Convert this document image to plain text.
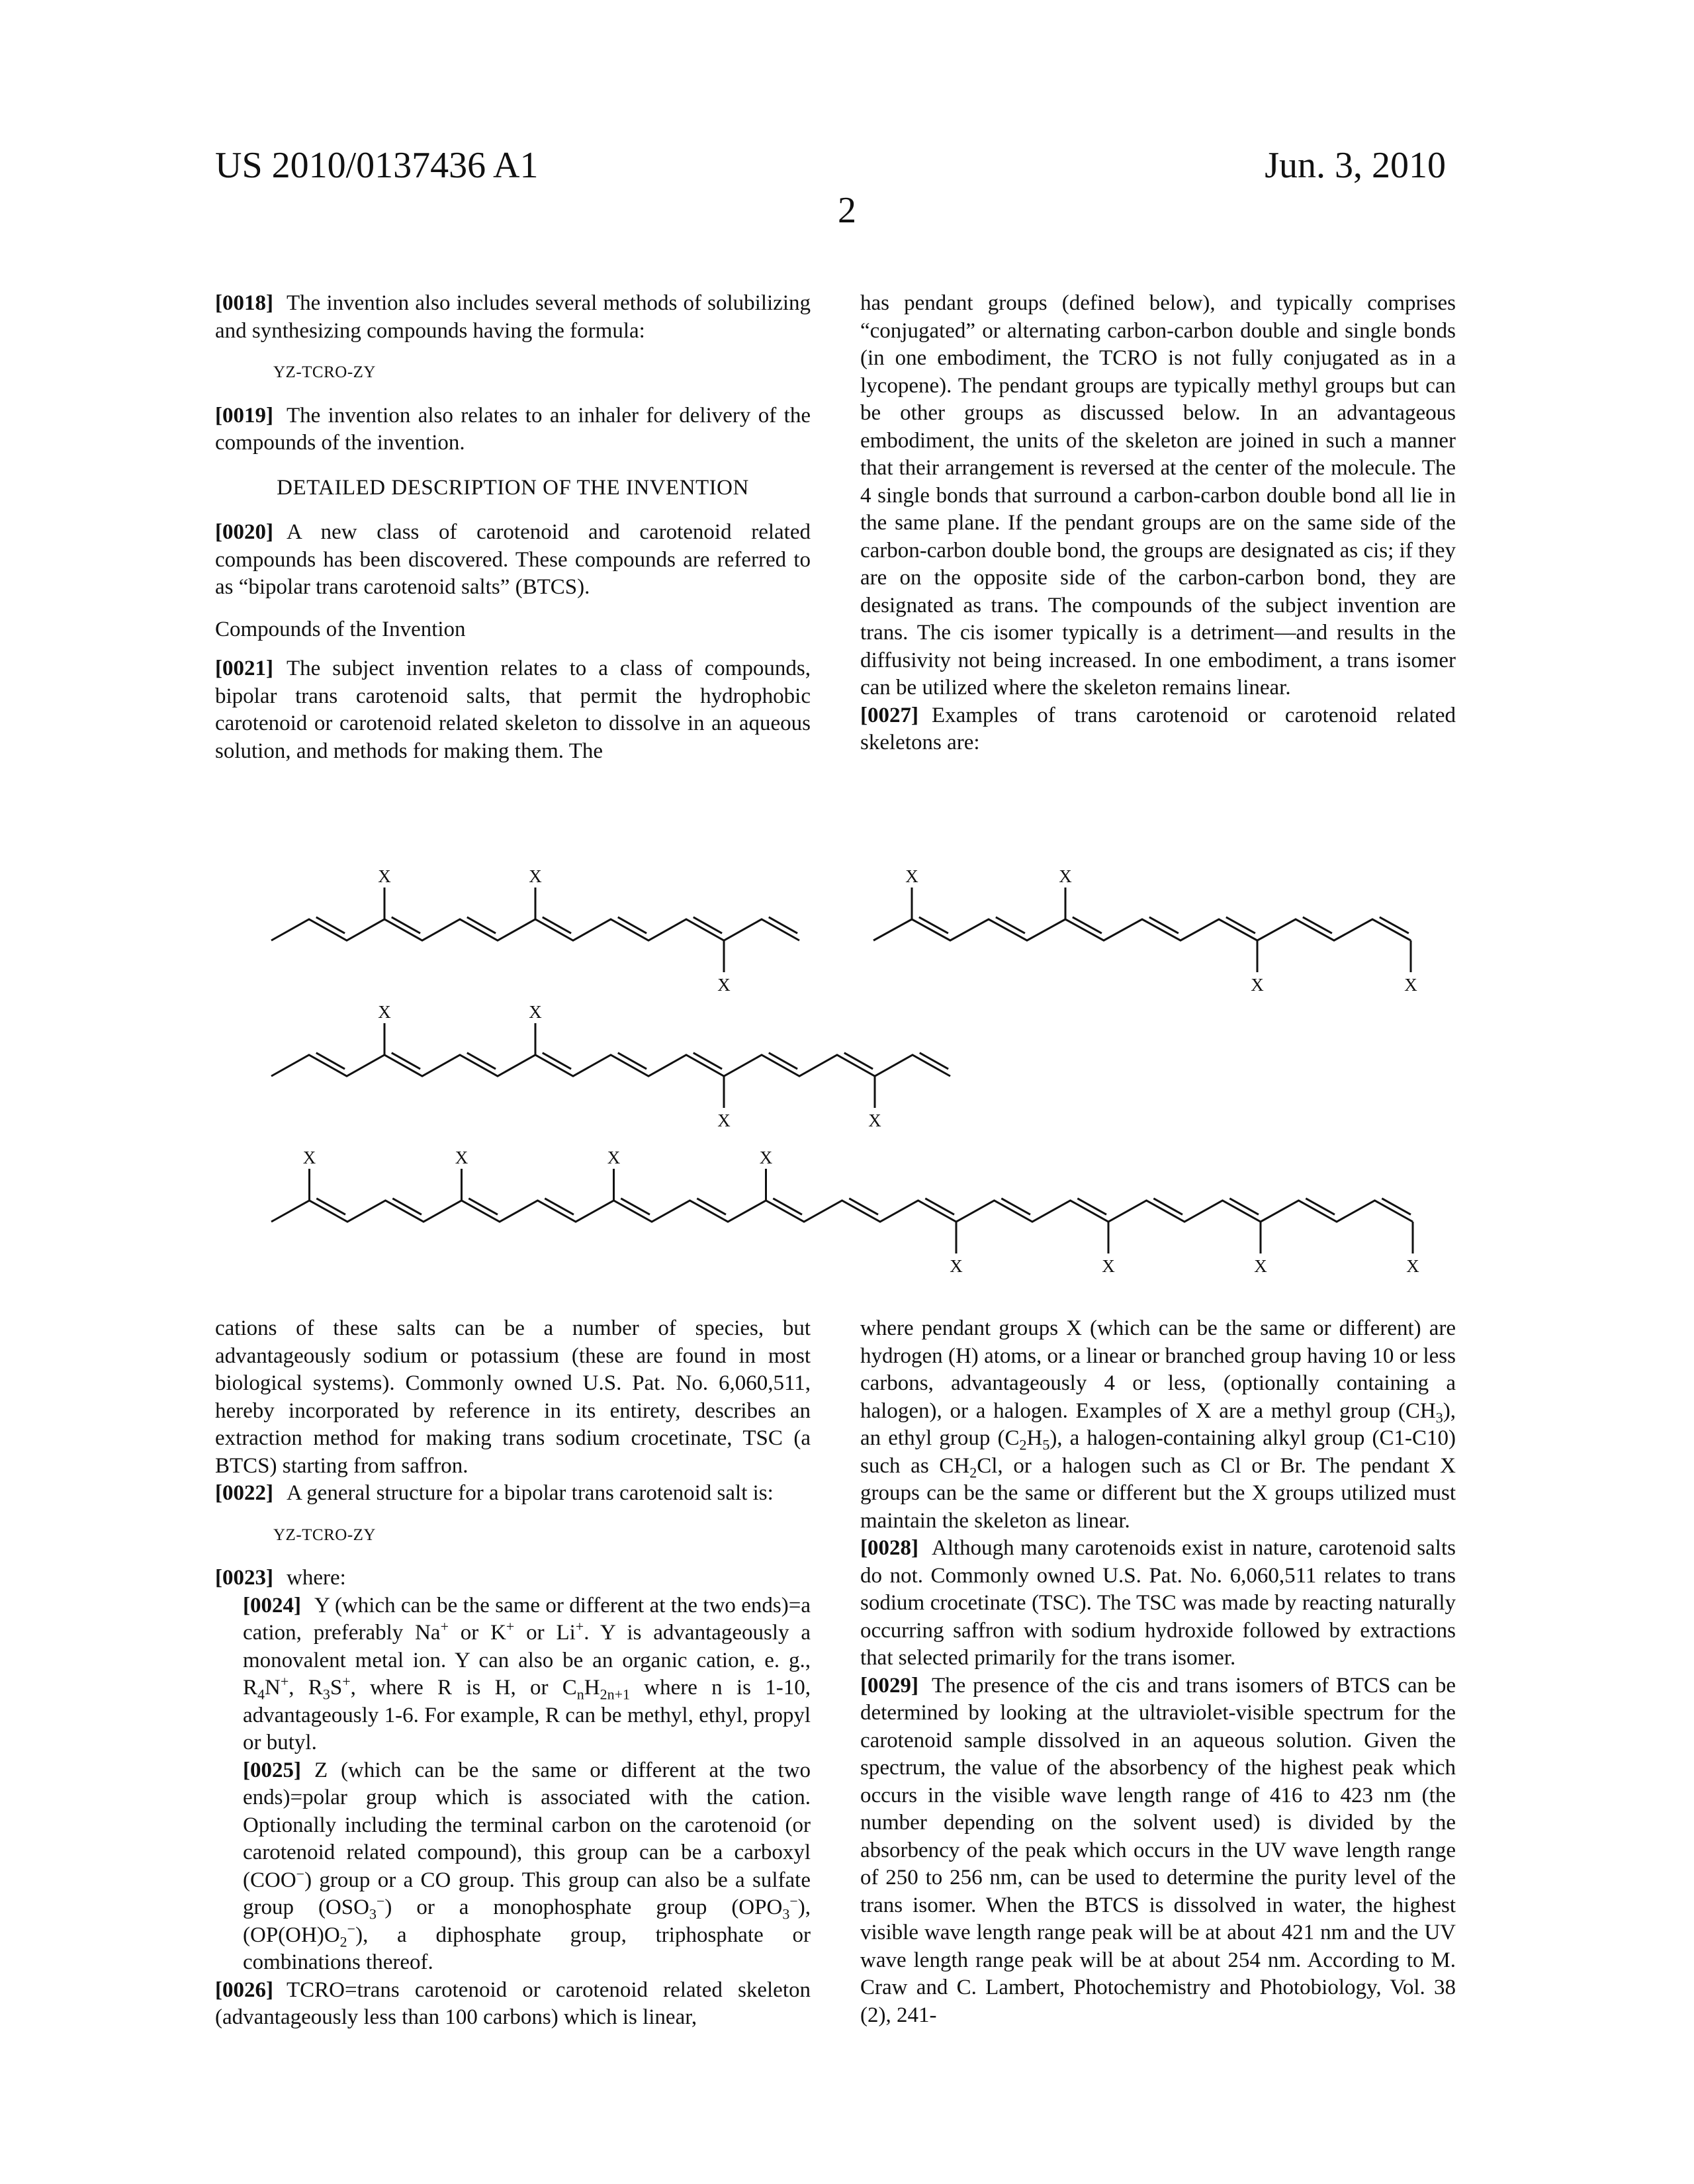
US 2010/0137436 A1	Jun. 3, 2010
2

[0018] The invention also includes several methods of solubilizing and synthesizing compounds having the formula:

YZ-TCRO-ZY

[0019] The invention also relates to an inhaler for delivery of the compounds of the invention.

DETAILED DESCRIPTION OF THE INVENTION

[0020] A new class of carotenoid and carotenoid related compounds has been discovered. These compounds are referred to as “bipolar trans carotenoid salts” (BTCS).

Compounds of the Invention

[0021] The subject invention relates to a class of compounds, bipolar trans carotenoid salts, that permit the hydrophobic carotenoid or carotenoid related skeleton to dissolve in an aqueous solution, and methods for making them. The

has pendant groups (defined below), and typically comprises “conjugated” or alternating carbon-carbon double and single bonds (in one embodiment, the TCRO is not fully conjugated as in a lycopene). The pendant groups are typically methyl groups but can be other groups as discussed below. In an advantageous embodiment, the units of the skeleton are joined in such a manner that their arrangement is reversed at the center of the molecule. The 4 single bonds that surround a carbon-carbon double bond all lie in the same plane. If the pendant groups are on the same side of the carbon-carbon double bond, the groups are designated as cis; if they are on the opposite side of the carbon-carbon bond, they are designated as trans. The compounds of the subject invention are trans. The cis isomer typically is a detriment—and results in the diffusivity not being increased. In one embodiment, a trans isomer can be utilized where the skeleton remains linear.

[0027] Examples of trans carotenoid or carotenoid related skeletons are:

X	X
X
X	X
X	X
X	X
X	X
X	X	X	X
X	X	X	X

cations of these salts can be a number of species, but advantageously sodium or potassium (these are found in most biological systems). Commonly owned U.S. Pat. No. 6,060,511, hereby incorporated by reference in its entirety, describes an extraction method for making trans sodium crocetinate, TSC (a BTCS) starting from saffron.

[0022] A general structure for a bipolar trans carotenoid salt is:

YZ-TCRO-ZY

[0023] where:

[0024] Y (which can be the same or different at the two ends)=a cation, preferably Na+ or K+ or Li+. Y is advantageously a monovalent metal ion. Y can also be an organic cation, e. g., R4N+, R3S+, where R is H, or CnH2n+1 where n is 1-10, advantageously 1-6. For example, R can be methyl, ethyl, propyl or butyl.

[0025] Z (which can be the same or different at the two ends)=polar group which is associated with the cation. Optionally including the terminal carbon on the carotenoid (or carotenoid related compound), this group can be a carboxyl (COO−) group or a CO group. This group can also be a sulfate group (OSO3−) or a monophosphate group (OPO3−), (OP(OH)O2−), a diphosphate group, triphosphate or combinations thereof.

[0026] TCRO=trans carotenoid or carotenoid related skeleton (advantageously less than 100 carbons) which is linear,

where pendant groups X (which can be the same or different) are hydrogen (H) atoms, or a linear or branched group having 10 or less carbons, advantageously 4 or less, (optionally containing a halogen), or a halogen. Examples of X are a methyl group (CH3), an ethyl group (C2H5), a halogen-containing alkyl group (C1-C10) such as CH2Cl, or a halogen such as Cl or Br. The pendant X groups can be the same or different but the X groups utilized must maintain the skeleton as linear.

[0028] Although many carotenoids exist in nature, carotenoid salts do not. Commonly owned U.S. Pat. No. 6,060,511 relates to trans sodium crocetinate (TSC). The TSC was made by reacting naturally occurring saffron with sodium hydroxide followed by extractions that selected primarily for the trans isomer.

[0029] The presence of the cis and trans isomers of BTCS can be determined by looking at the ultraviolet-visible spectrum for the carotenoid sample dissolved in an aqueous solution. Given the spectrum, the value of the absorbency of the highest peak which occurs in the visible wave length range of 416 to 423 nm (the number depending on the solvent used) is divided by the absorbency of the peak which occurs in the UV wave length range of 250 to 256 nm, can be used to determine the purity level of the trans isomer. When the BTCS is dissolved in water, the highest visible wave length range peak will be at about 421 nm and the UV wave length range peak will be at about 254 nm. According to M. Craw and C. Lambert, Photochemistry and Photobiology, Vol. 38 (2), 241-
